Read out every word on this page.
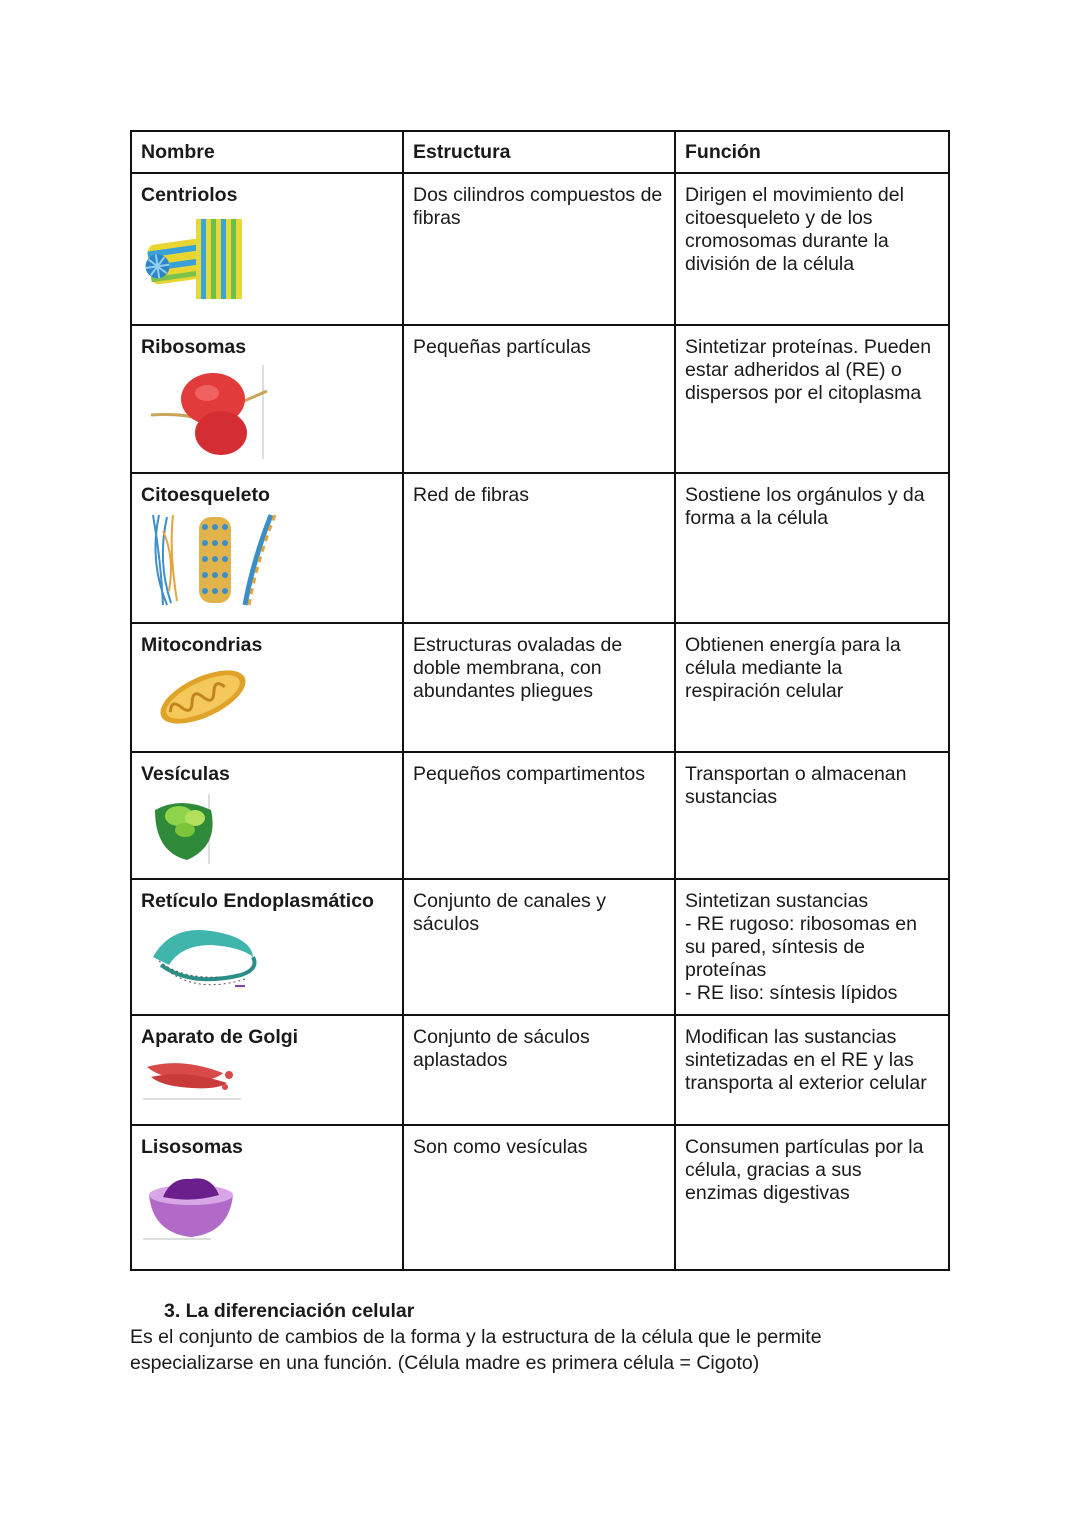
Nombre	Estructura	Función

Centriolos	Dos cilindros compuestos de fibras	Dirigen el movimiento del citoesqueleto y de los cromosomas durante la división de la célula

Ribosomas	Pequeñas partículas	Sintetizar proteínas. Pueden estar adheridos al (RE) o dispersos por el citoplasma

Citoesqueleto	Red de fibras	Sostiene los orgánulos y da forma a la célula

Mitocondrias	Estructuras ovaladas de doble membrana, con abundantes pliegues	Obtienen energía para la célula mediante la respiración celular

Vesículas	Pequeños compartimentos	Transportan o almacenan sustancias

Retículo Endoplasmático	Conjunto de canales y sáculos	Sintetizan sustancias
- RE rugoso: ribosomas en su pared, síntesis de proteínas
- RE liso: síntesis lípidos

Aparato de Golgi	Conjunto de sáculos aplastados	Modifican las sustancias sintetizadas en el RE y las transporta al exterior celular

Lisosomas	Son como vesículas	Consumen partículas por la célula, gracias a sus enzimas digestivas
3. La diferenciación celular

Es el conjunto de cambios de la forma y la estructura de la célula que le permite especializarse en una función. (Célula madre es primera célula = Cigoto)
